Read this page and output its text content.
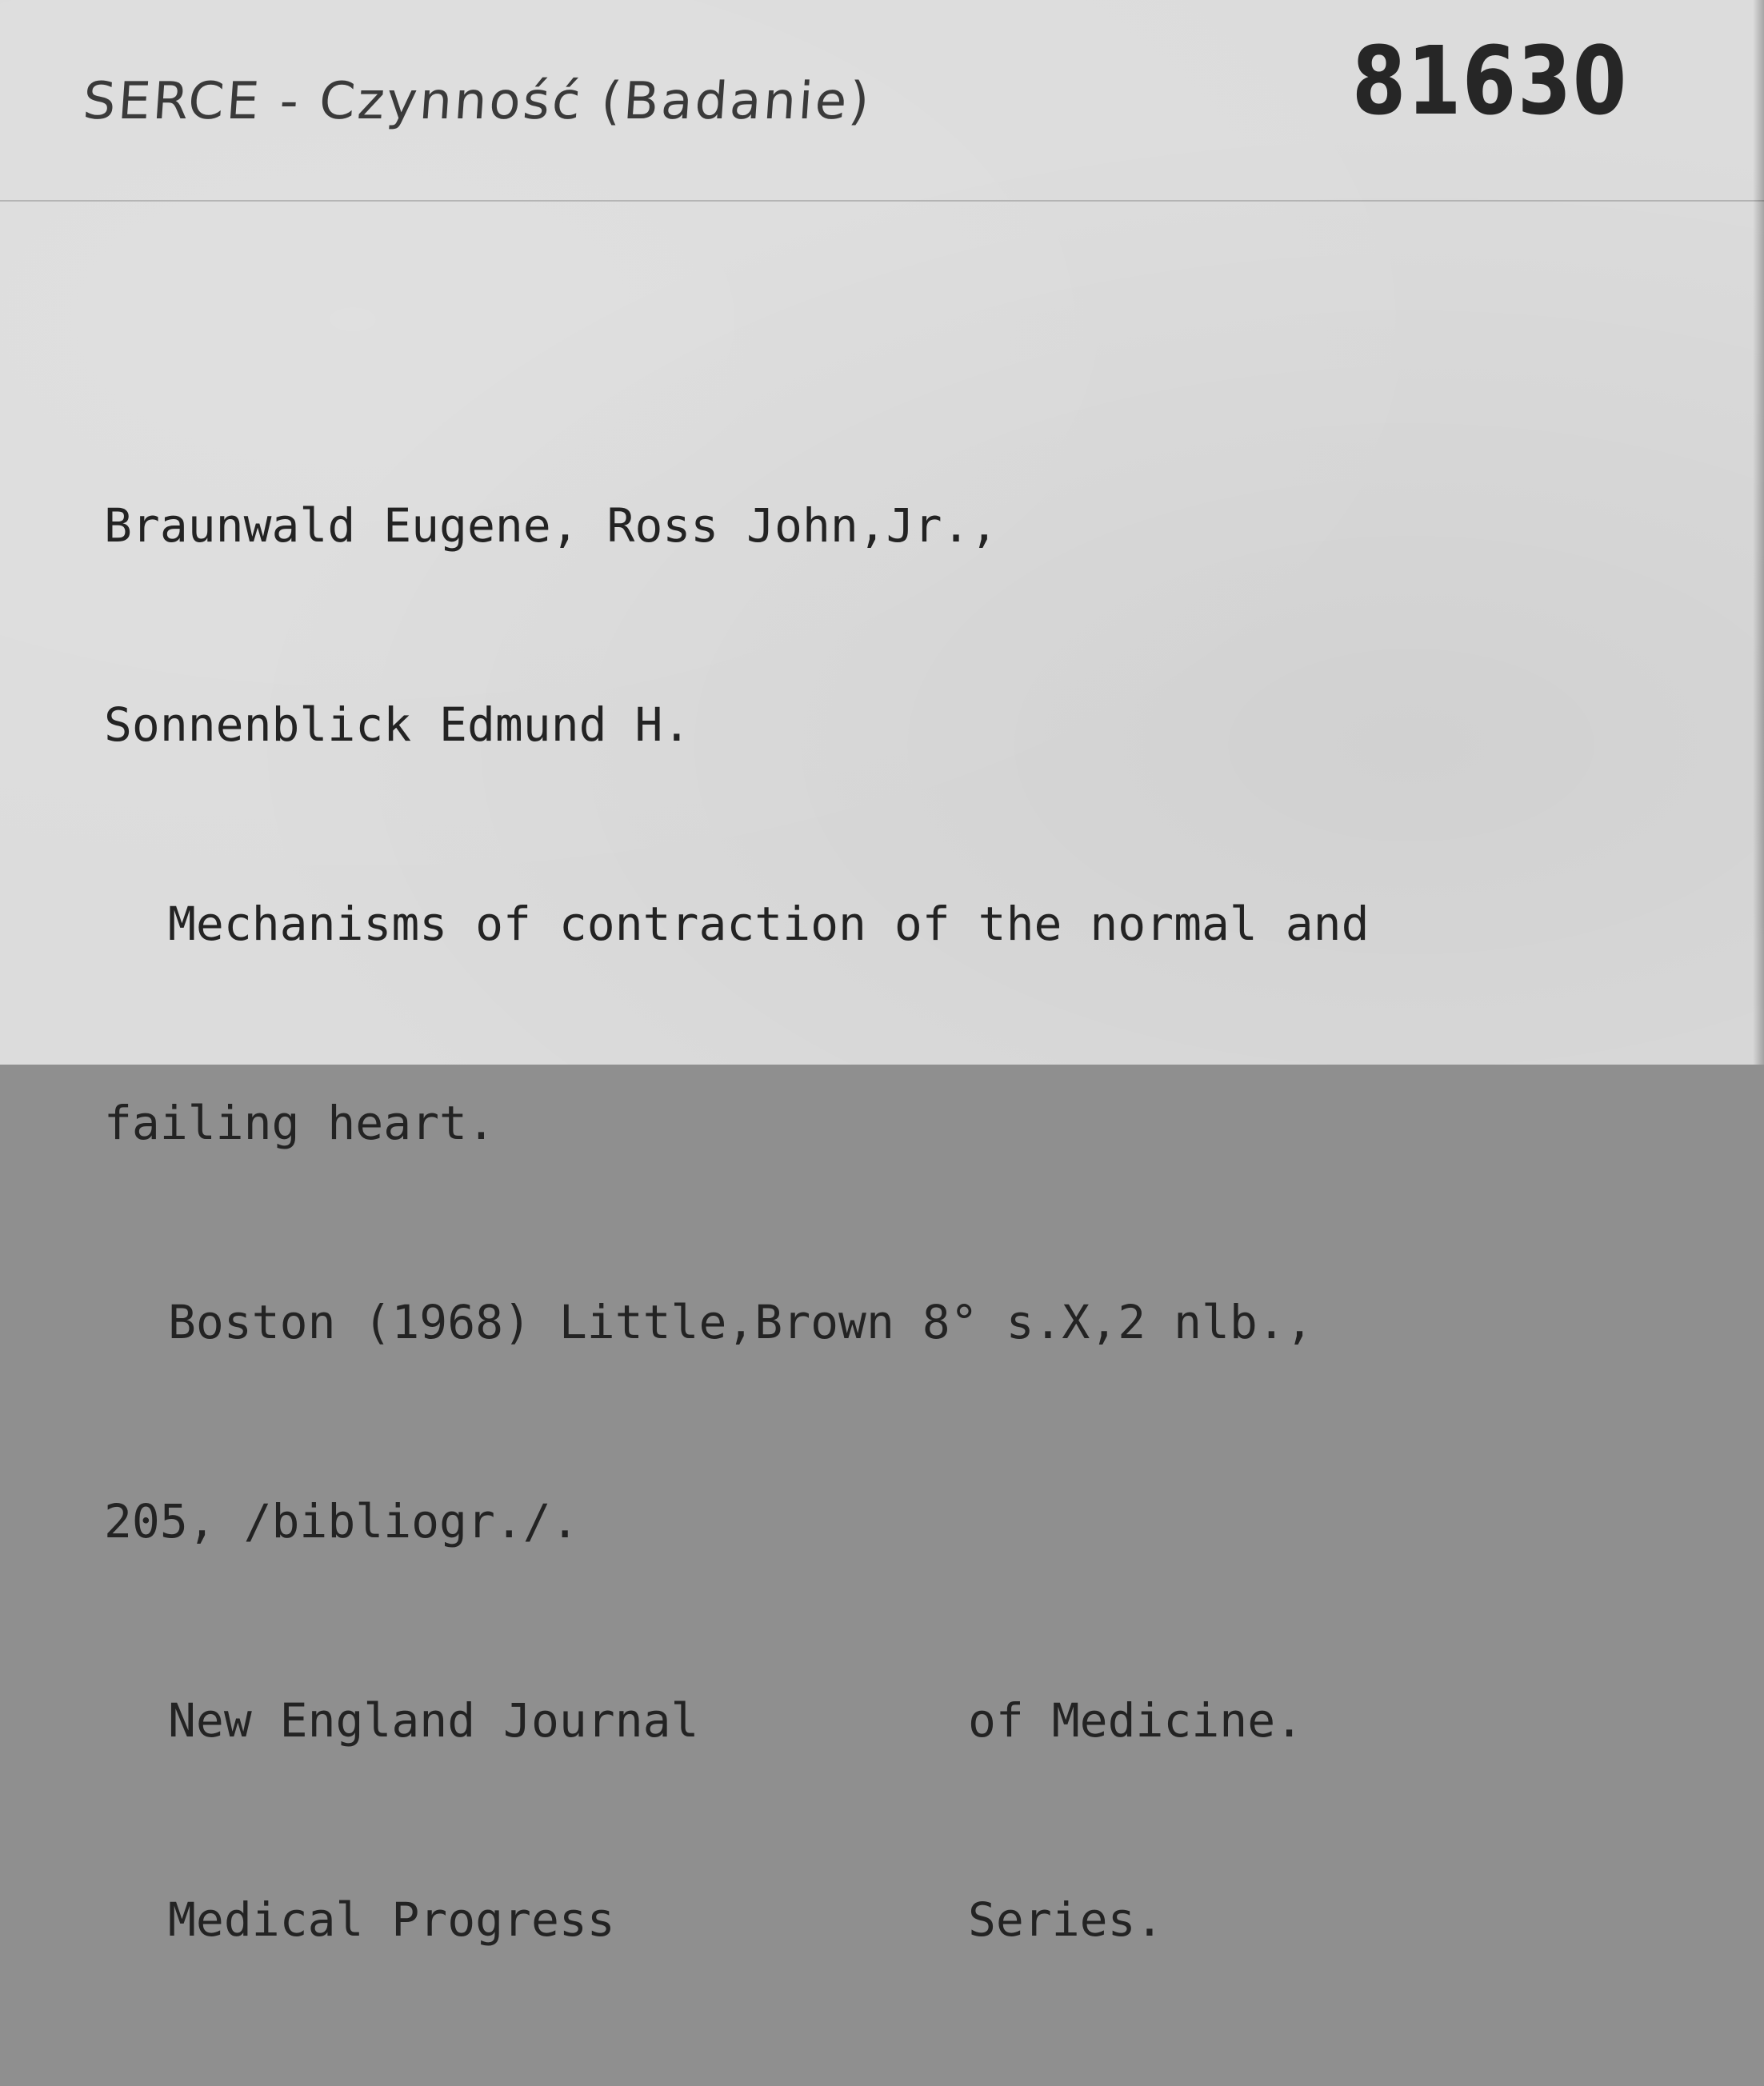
SERCE - Czynność (Badanie)	81630

Braunwald Eugene, Ross John,Jr.,

Sonnenblick Edmund H.

Mechanisms of contraction of the normal and

failing heart.

Boston (1968) Little,Brown 8° s.X,2 nlb.,

205, /bibliogr./.

New England Journal	of Medicine.

Medical Progress	Series.
